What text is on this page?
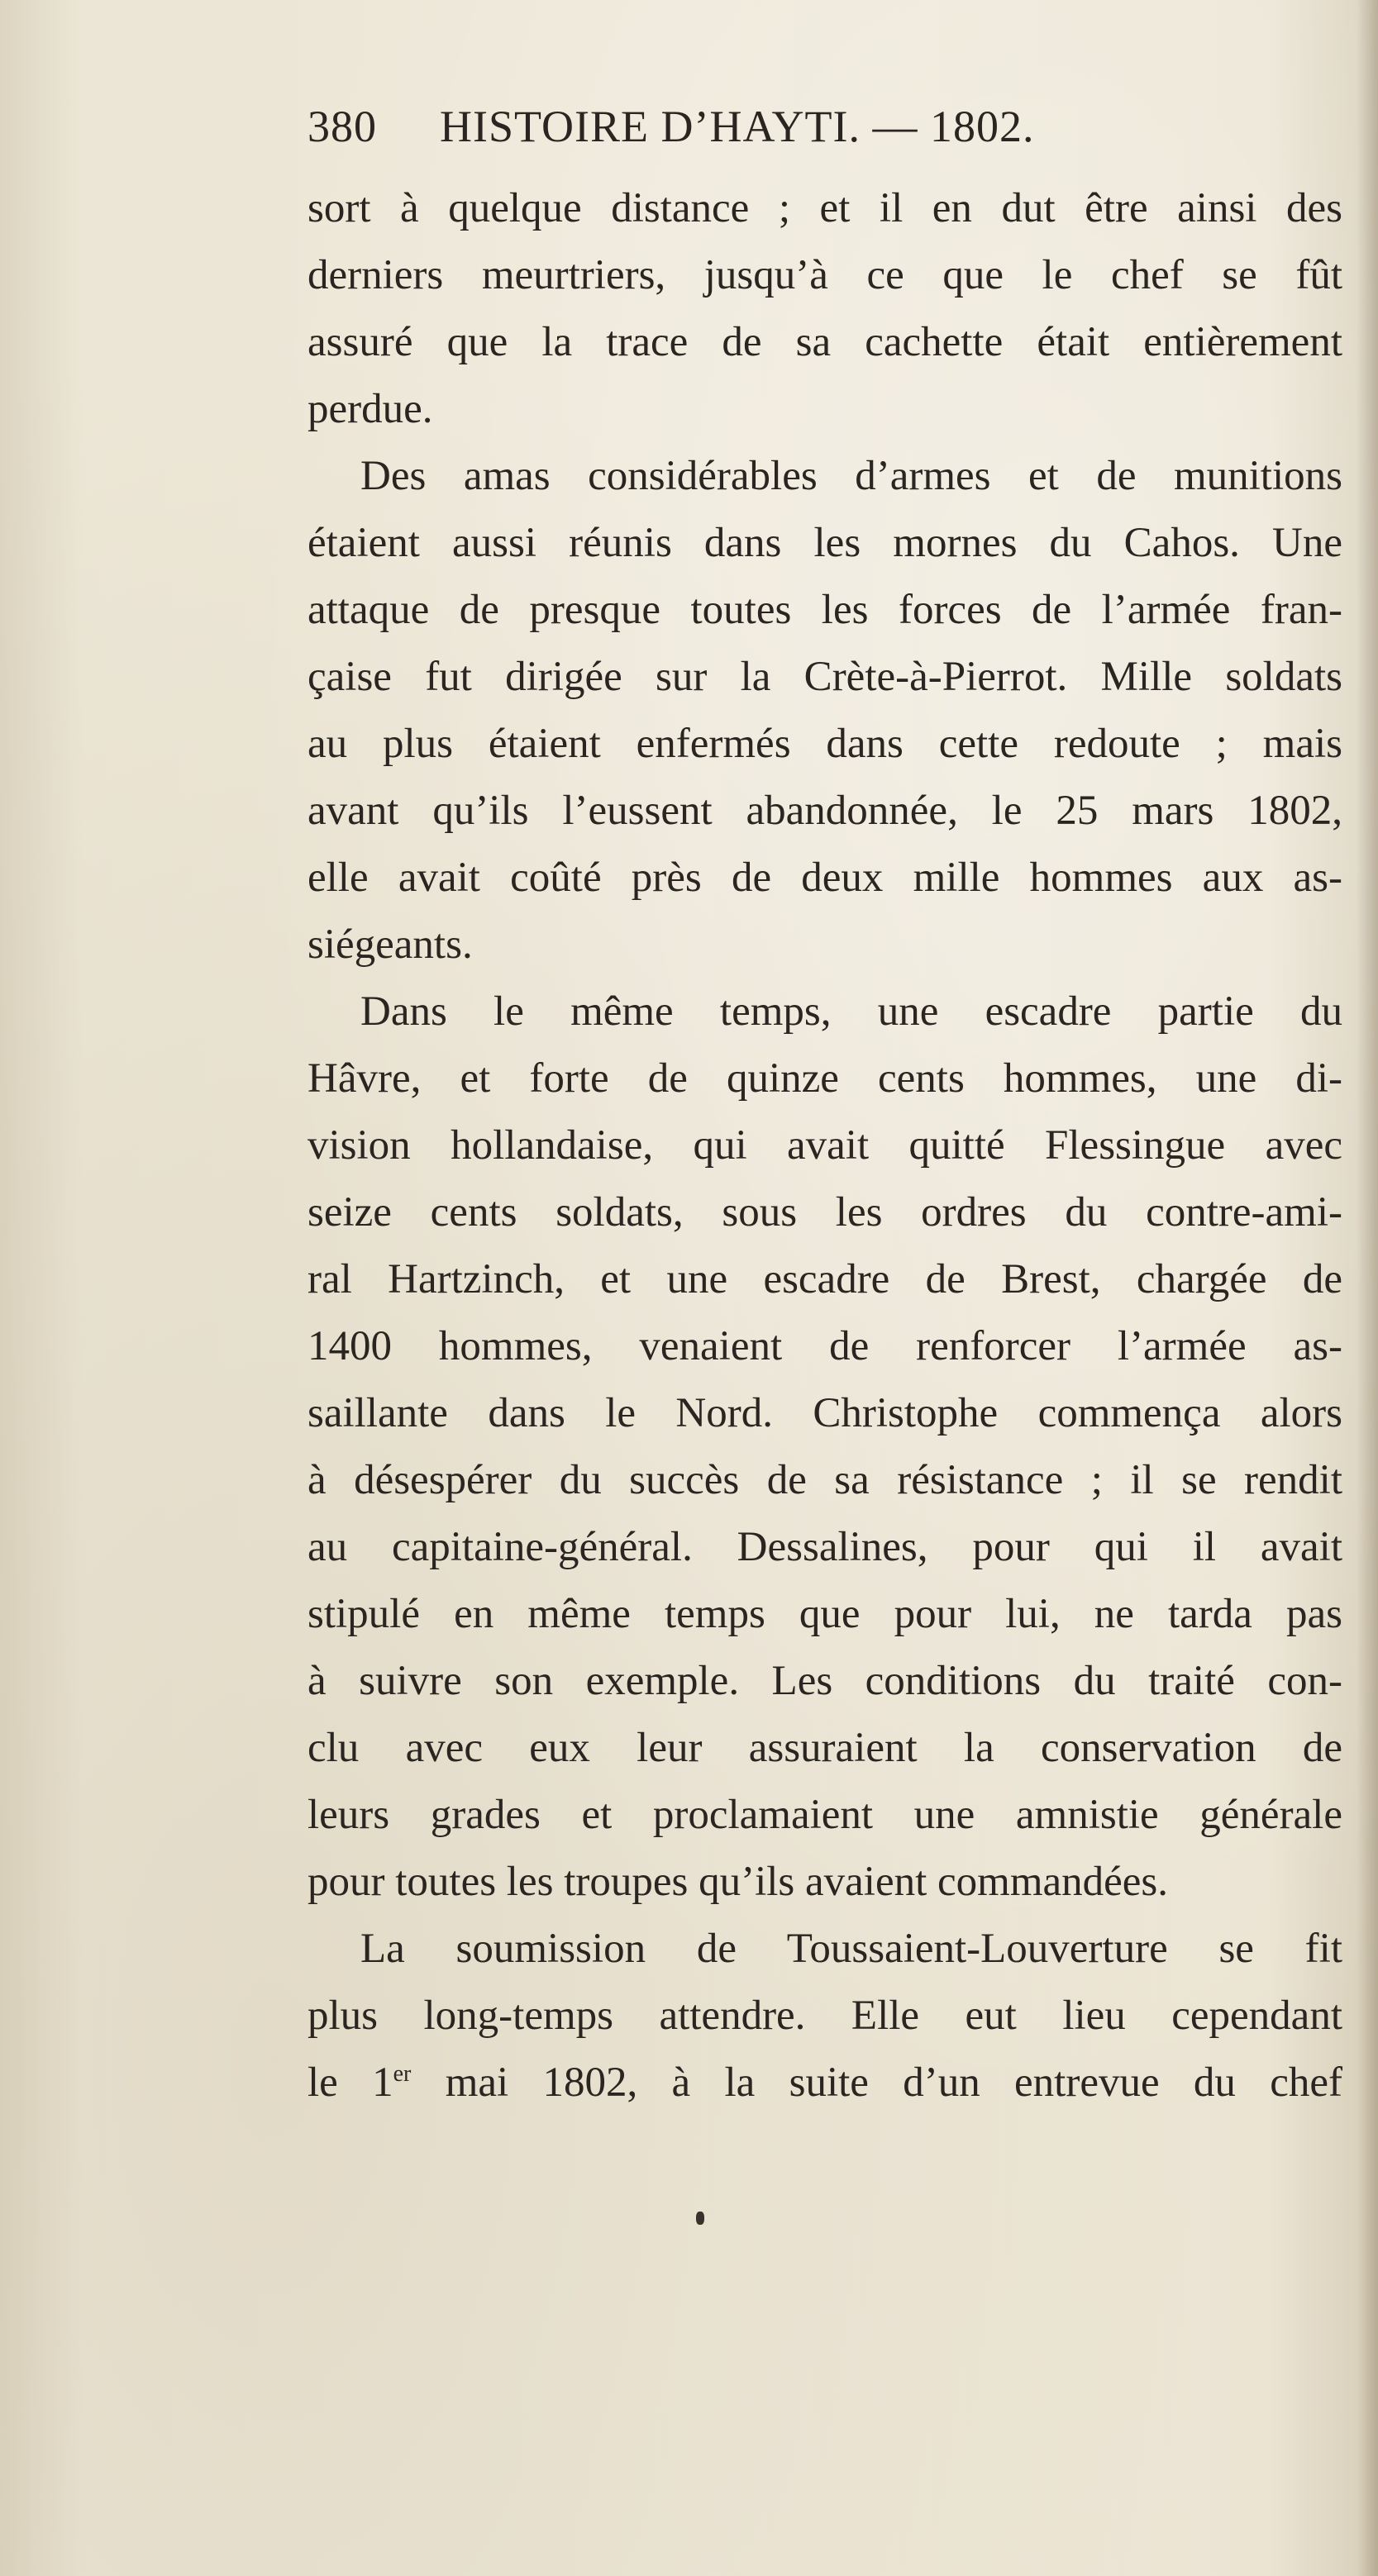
380 HISTOIRE D’HAYTI. — 1802.
sort à quelque distance ; et il en dut être ainsi des
derniers meurtriers, jusqu’à ce que le chef se fût
assuré que la trace de sa cachette était entièrement
perdue.
Des amas considérables d’armes et de munitions
étaient aussi réunis dans les mornes du Cahos. Une
attaque de presque toutes les forces de l’armée fran-
çaise fut dirigée sur la Crète-à-Pierrot. Mille soldats
au plus étaient enfermés dans cette redoute ; mais
avant qu’ils l’eussent abandonnée, le 25 mars 1802,
elle avait coûté près de deux mille hommes aux as-
siégeants.
Dans le même temps, une escadre partie du
Hâvre, et forte de quinze cents hommes, une di-
vision hollandaise, qui avait quitté Flessingue avec
seize cents soldats, sous les ordres du contre-ami-
ral Hartzinch, et une escadre de Brest, chargée de
1400 hommes, venaient de renforcer l’armée as-
saillante dans le Nord. Christophe commença alors
à désespérer du succès de sa résistance ; il se rendit
au capitaine-général. Dessalines, pour qui il avait
stipulé en même temps que pour lui, ne tarda pas
à suivre son exemple. Les conditions du traité con-
clu avec eux leur assuraient la conservation de
leurs grades et proclamaient une amnistie générale
pour toutes les troupes qu’ils avaient commandées.
La soumission de Toussaient-Louverture se fit
plus long-temps attendre. Elle eut lieu cependant
le 1er mai 1802, à la suite d’un entrevue du chef
